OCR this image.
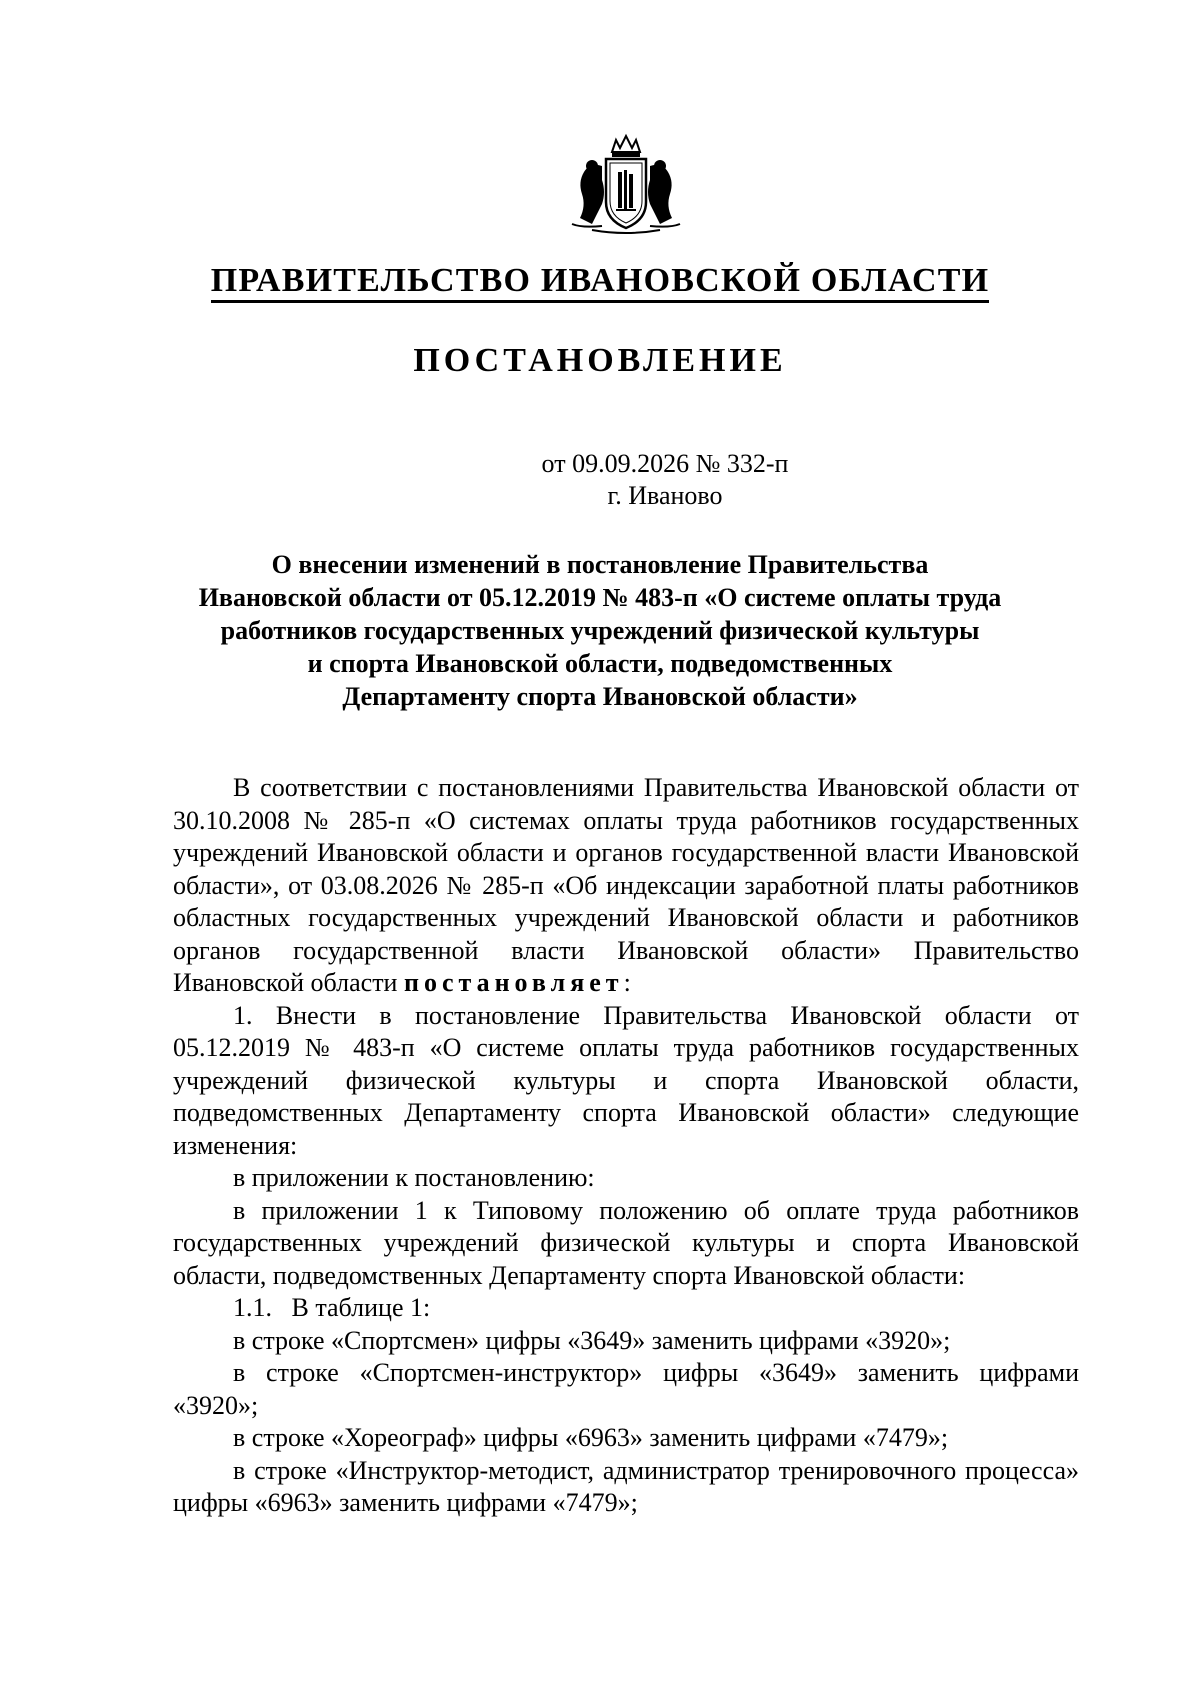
ПРАВИТЕЛЬСТВО ИВАНОВСКОЙ ОБЛАСТИ
ПОСТАНОВЛЕНИЕ
от 09.09.2026 № 332-п
г. Иваново
О внесении изменений в постановление Правительства
Ивановской области от 05.12.2019 № 483-п «О системе оплаты труда
работников государственных учреждений физической культуры
и спорта Ивановской области, подведомственных
Департаменту спорта Ивановской области»

В соответствии с постановлениями Правительства Ивановской области от 30.10.2008 № 285-п «О системах оплаты труда работников государственных учреждений Ивановской области и органов государственной власти Ивановской области», от 03.08.2026 № 285-п «Об индексации заработной платы работников областных государственных учреждений Ивановской области и работников органов государственной власти Ивановской области» Правительство Ивановской области постановляет:

1. Внести в постановление Правительства Ивановской области от 05.12.2019 № 483-п «О системе оплаты труда работников государственных учреждений физической культуры и спорта Ивановской области, подведомственных Департаменту спорта Ивановской области» следующие изменения:

в приложении к постановлению:

в приложении 1 к Типовому положению об оплате труда работников государственных учреждений физической культуры и спорта Ивановской области, подведомственных Департаменту спорта Ивановской области:

1.1.   В таблице 1:

в строке «Спортсмен» цифры «3649» заменить цифрами «3920»;

в строке «Спортсмен-инструктор» цифры «3649» заменить цифрами «3920»;

в строке «Хореограф» цифры «6963» заменить цифрами «7479»;

в строке «Инструктор-методист, администратор тренировочного процесса» цифры «6963» заменить цифрами «7479»;
